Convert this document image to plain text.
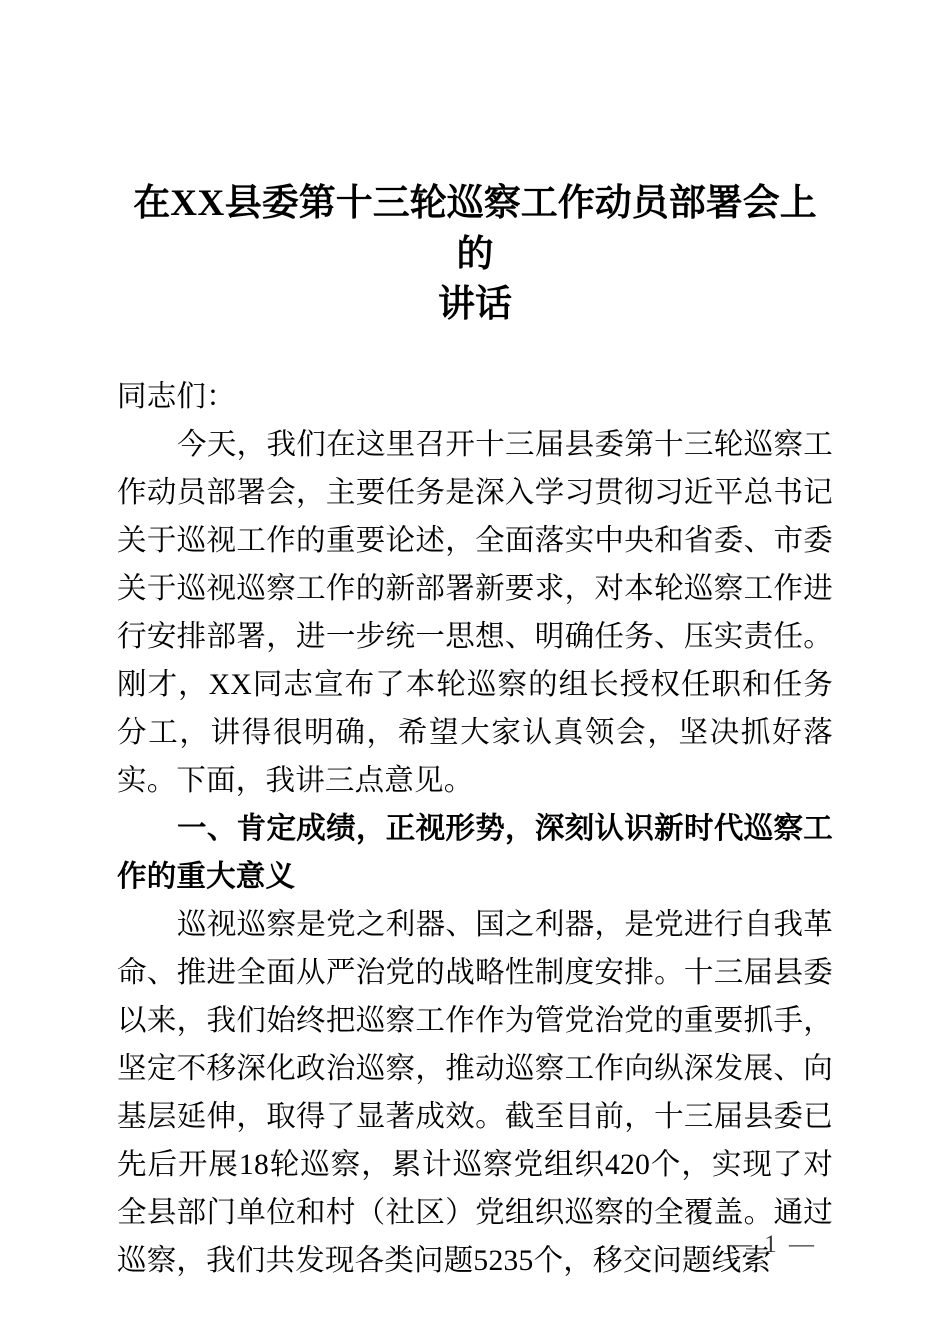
在XX县委第十三轮巡察工作动员部署会上的
讲话

同志们：

今天，我们在这里召开十三届县委第十三轮巡察工作动员部署会，主要任务是深入学习贯彻习近平总书记关于巡视工作的重要论述，全面落实中央和省委、市委关于巡视巡察工作的新部署新要求，对本轮巡察工作进行安排部署，进一步统一思想、明确任务、压实责任。刚才，XX同志宣布了本轮巡察的组长授权任职和任务分工，讲得很明确，希望大家认真领会，坚决抓好落实。下面，我讲三点意见。

一、肯定成绩，正视形势，深刻认识新时代巡察工作的重大意义

巡视巡察是党之利器、国之利器，是党进行自我革命、推进全面从严治党的战略性制度安排。十三届县委以来，我们始终把巡察工作作为管党治党的重要抓手，坚定不移深化政治巡察，推动巡察工作向纵深发展、向基层延伸，取得了显著成效。截至目前，十三届县委已先后开展18轮巡察，累计巡察党组织420个，实现了对全县部门单位和村（社区）党组织巡察的全覆盖。通过巡察，我们共发现各类问题5235个，移交问题线索

— 1 —
